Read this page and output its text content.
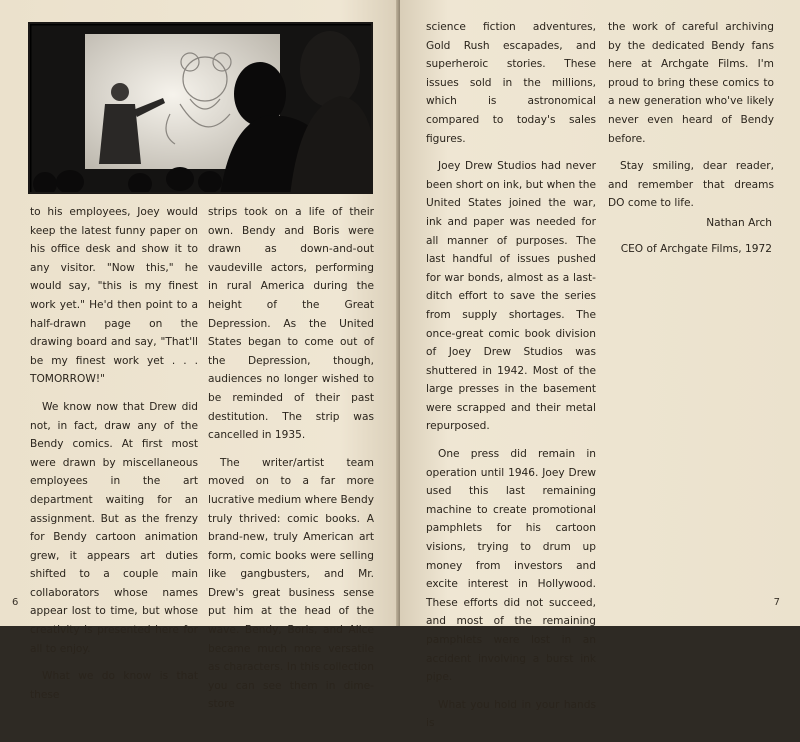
to his employees, Joey would keep the latest funny paper on his office desk and show it to any visitor. "Now this," he would say, "this is my finest work yet." He'd then point to a half-drawn page on the drawing board and say, "That'll be my finest work yet . . . TOMORROW!"

We know now that Drew did not, in fact, draw any of the Bendy comics. At first most were drawn by miscellaneous employees in the art department waiting for an assignment. But as the frenzy for Bendy cartoon animation grew, it appears art duties shifted to a couple main collaborators whose names appear lost to time, but whose creativity is presented here for all to enjoy.

What we do know is that these

strips took on a life of their own. Bendy and Boris were drawn as down-and-out vaudeville actors, performing in rural America during the height of the Great Depression. As the United States began to come out of the Depression, though, audiences no longer wished to be reminded of their past destitution. The strip was cancelled in 1935.

The writer/artist team moved on to a far more lucrative medium where Bendy truly thrived: comic books. A brand-new, truly American art form, comic books were selling like gangbusters, and Mr. Drew's great business sense put him at the head of the wave. Bendy, Boris, and Alice became much more versatile as characters. In this collection you can see them in dime-store

6

science fiction adventures, Gold Rush escapades, and superheroic stories. These issues sold in the millions, which is astronomical compared to today's sales figures.

Joey Drew Studios had never been short on ink, but when the United States joined the war, ink and paper was needed for all manner of purposes. The last handful of issues pushed for war bonds, almost as a last-ditch effort to save the series from supply shortages. The once-great comic book division of Joey Drew Studios was shuttered in 1942. Most of the large presses in the basement were scrapped and their metal repurposed.

One press did remain in operation until 1946. Joey Drew used this last remaining machine to create promotional pamphlets for his cartoon visions, trying to drum up money from investors and excite interest in Hollywood. These efforts did not succeed, and most of the remaining pamphlets were lost in an accident involving a burst ink pipe.

What you hold in your hands is

the work of careful archiving by the dedicated Bendy fans here at Archgate Films. I'm proud to bring these comics to a new generation who've likely never even heard of Bendy before.

Stay smiling, dear reader, and remember that dreams DO come to life.

Nathan Arch
CEO of Archgate Films, 1972
7
